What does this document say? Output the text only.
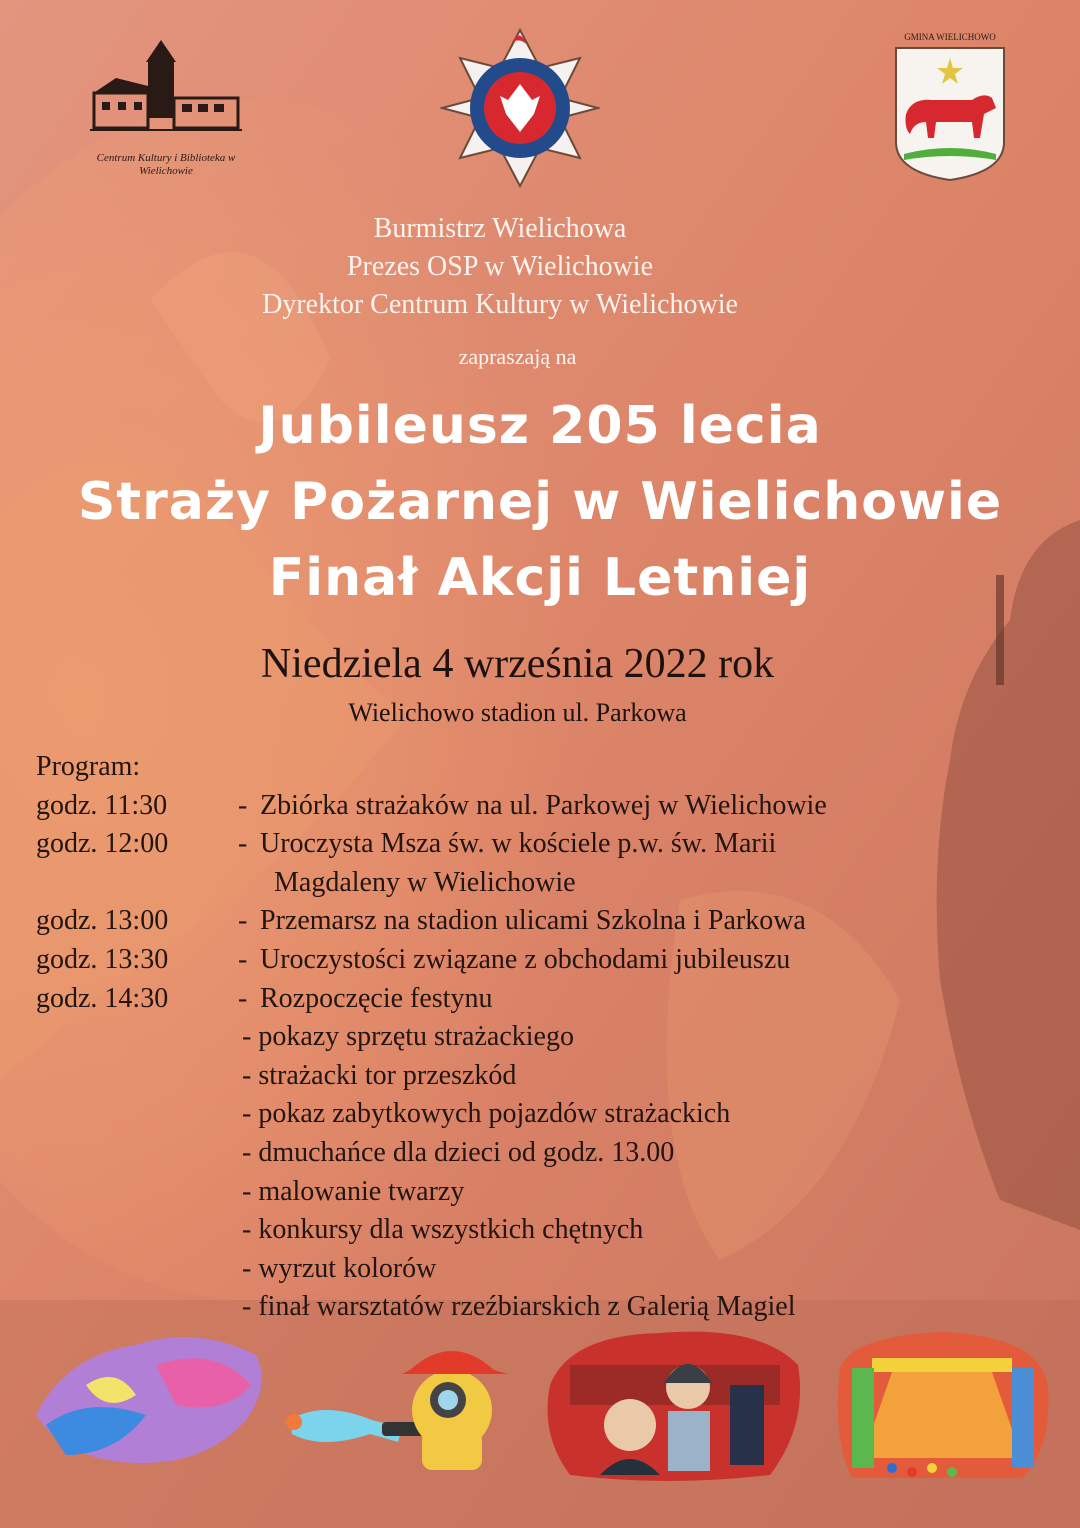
Centrum Kultury i Biblioteka w Wielichowie
GMINA WIELICHOWO
Burmistrz Wielichowa
Prezes OSP w Wielichowie
Dyrektor Centrum Kultury w Wielichowie
zapraszają na
Jubileusz 205 lecia
Straży Pożarnej w Wielichowie
Finał Akcji Letniej
Niedziela 4 września 2022 rok
Wielichowo stadion ul. Parkowa
Program:
godz. 11:30	- Zbiórka strażaków na ul. Parkowej w Wielichowie
godz. 12:00	- Uroczysta Msza św. w kościele p.w. św. Marii
Magdaleny w Wielichowie
godz. 13:00	- Przemarsz na stadion ulicami Szkolna i Parkowa
godz. 13:30	- Uroczystości związane z obchodami jubileuszu
godz. 14:30	- Rozpoczęcie festynu
- pokazy sprzętu strażackiego
- strażacki tor przeszkód
- pokaz zabytkowych pojazdów strażackich
- dmuchańce dla dzieci od godz. 13.00
- malowanie twarzy
- konkursy dla wszystkich chętnych
- wyrzut kolorów
- finał warsztatów rzeźbiarskich z Galerią Magiel
